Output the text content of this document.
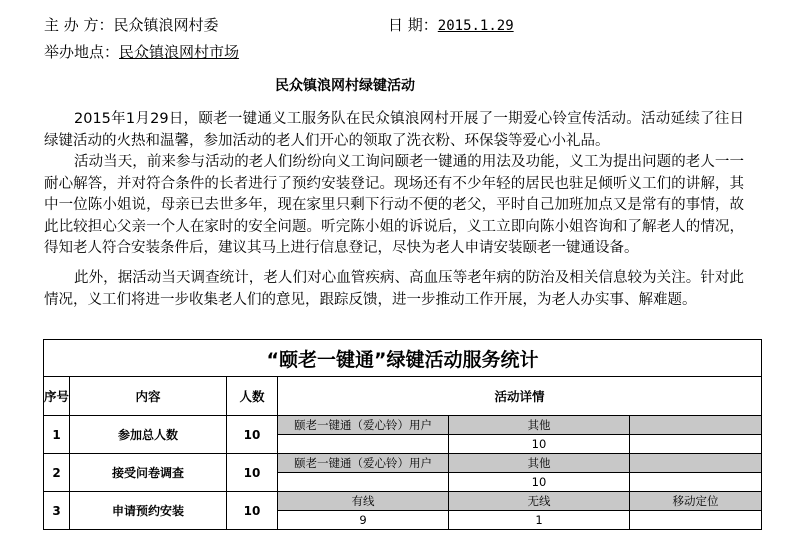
主 办 方：民众镇浪网村委	日 期：2015.1.29
举办地点：民众镇浪网村市场
民众镇浪网村绿键活动
2015年1月29日，颐老一键通义工服务队在民众镇浪网村开展了一期爱心铃宣传活动。活动延续了往日绿键活动的火热和温馨，参加活动的老人们开心的领取了洗衣粉、环保袋等爱心小礼品。
活动当天，前来参与活动的老人们纷纷向义工询问颐老一键通的用法及功能，义工为提出问题的老人一一耐心解答，并对符合条件的长者进行了预约安装登记。现场还有不少年轻的居民也驻足倾听义工们的讲解，其中一位陈小姐说，母亲已去世多年，现在家里只剩下行动不便的老父，平时自己加班加点又是常有的事情，故此比较担心父亲一个人在家时的安全问题。听完陈小姐的诉说后，义工立即向陈小姐咨询和了解老人的情况，得知老人符合安装条件后，建议其马上进行信息登记，尽快为老人申请安装颐老一键通设备。
此外，据活动当天调查统计，老人们对心血管疾病、高血压等老年病的防治及相关信息较为关注。针对此情况，义工们将进一步收集老人们的意见，跟踪反馈，进一步推动工作开展，为老人办实事、解难题。
“颐老一键通”绿键活动服务统计					
序号	内容	人数	活动详情		
1	参加总人数	10	颐老一键通（爱心铃）用户	其他	
				10	
2	接受问卷调查	10	颐老一键通（爱心铃）用户	其他	
				10	
3	申请预约安装	10	有线	无线	移动定位
			9	1	
